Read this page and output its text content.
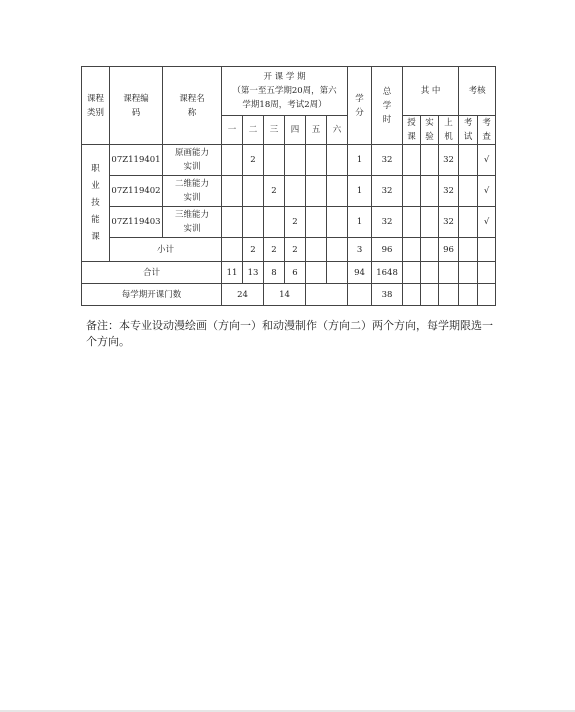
课程类别	课程编码	课程名称	开 课 学 期
（第一至五学期20周，第六
学期18周，考试2周）						学分	总学时	其 中			考核	
			一	二	三	四	五	六			授课	实验	上机	考试	考查
职业技能课	07Z119401	原画能力实训		2					1	32			32		√
	07Z119402	二维能力实训			2				1	32			32		√
	07Z119403	三维能力实训				2			1	32			32		√
	小计			2	2	2			3	96			96		
合计			11	13	8	6			94	1648					
每学期开课门数			24		14					38					
备注：本专业设动漫绘画（方向一）和动漫制作（方向二）两个方向，每学期限选一个方向。
